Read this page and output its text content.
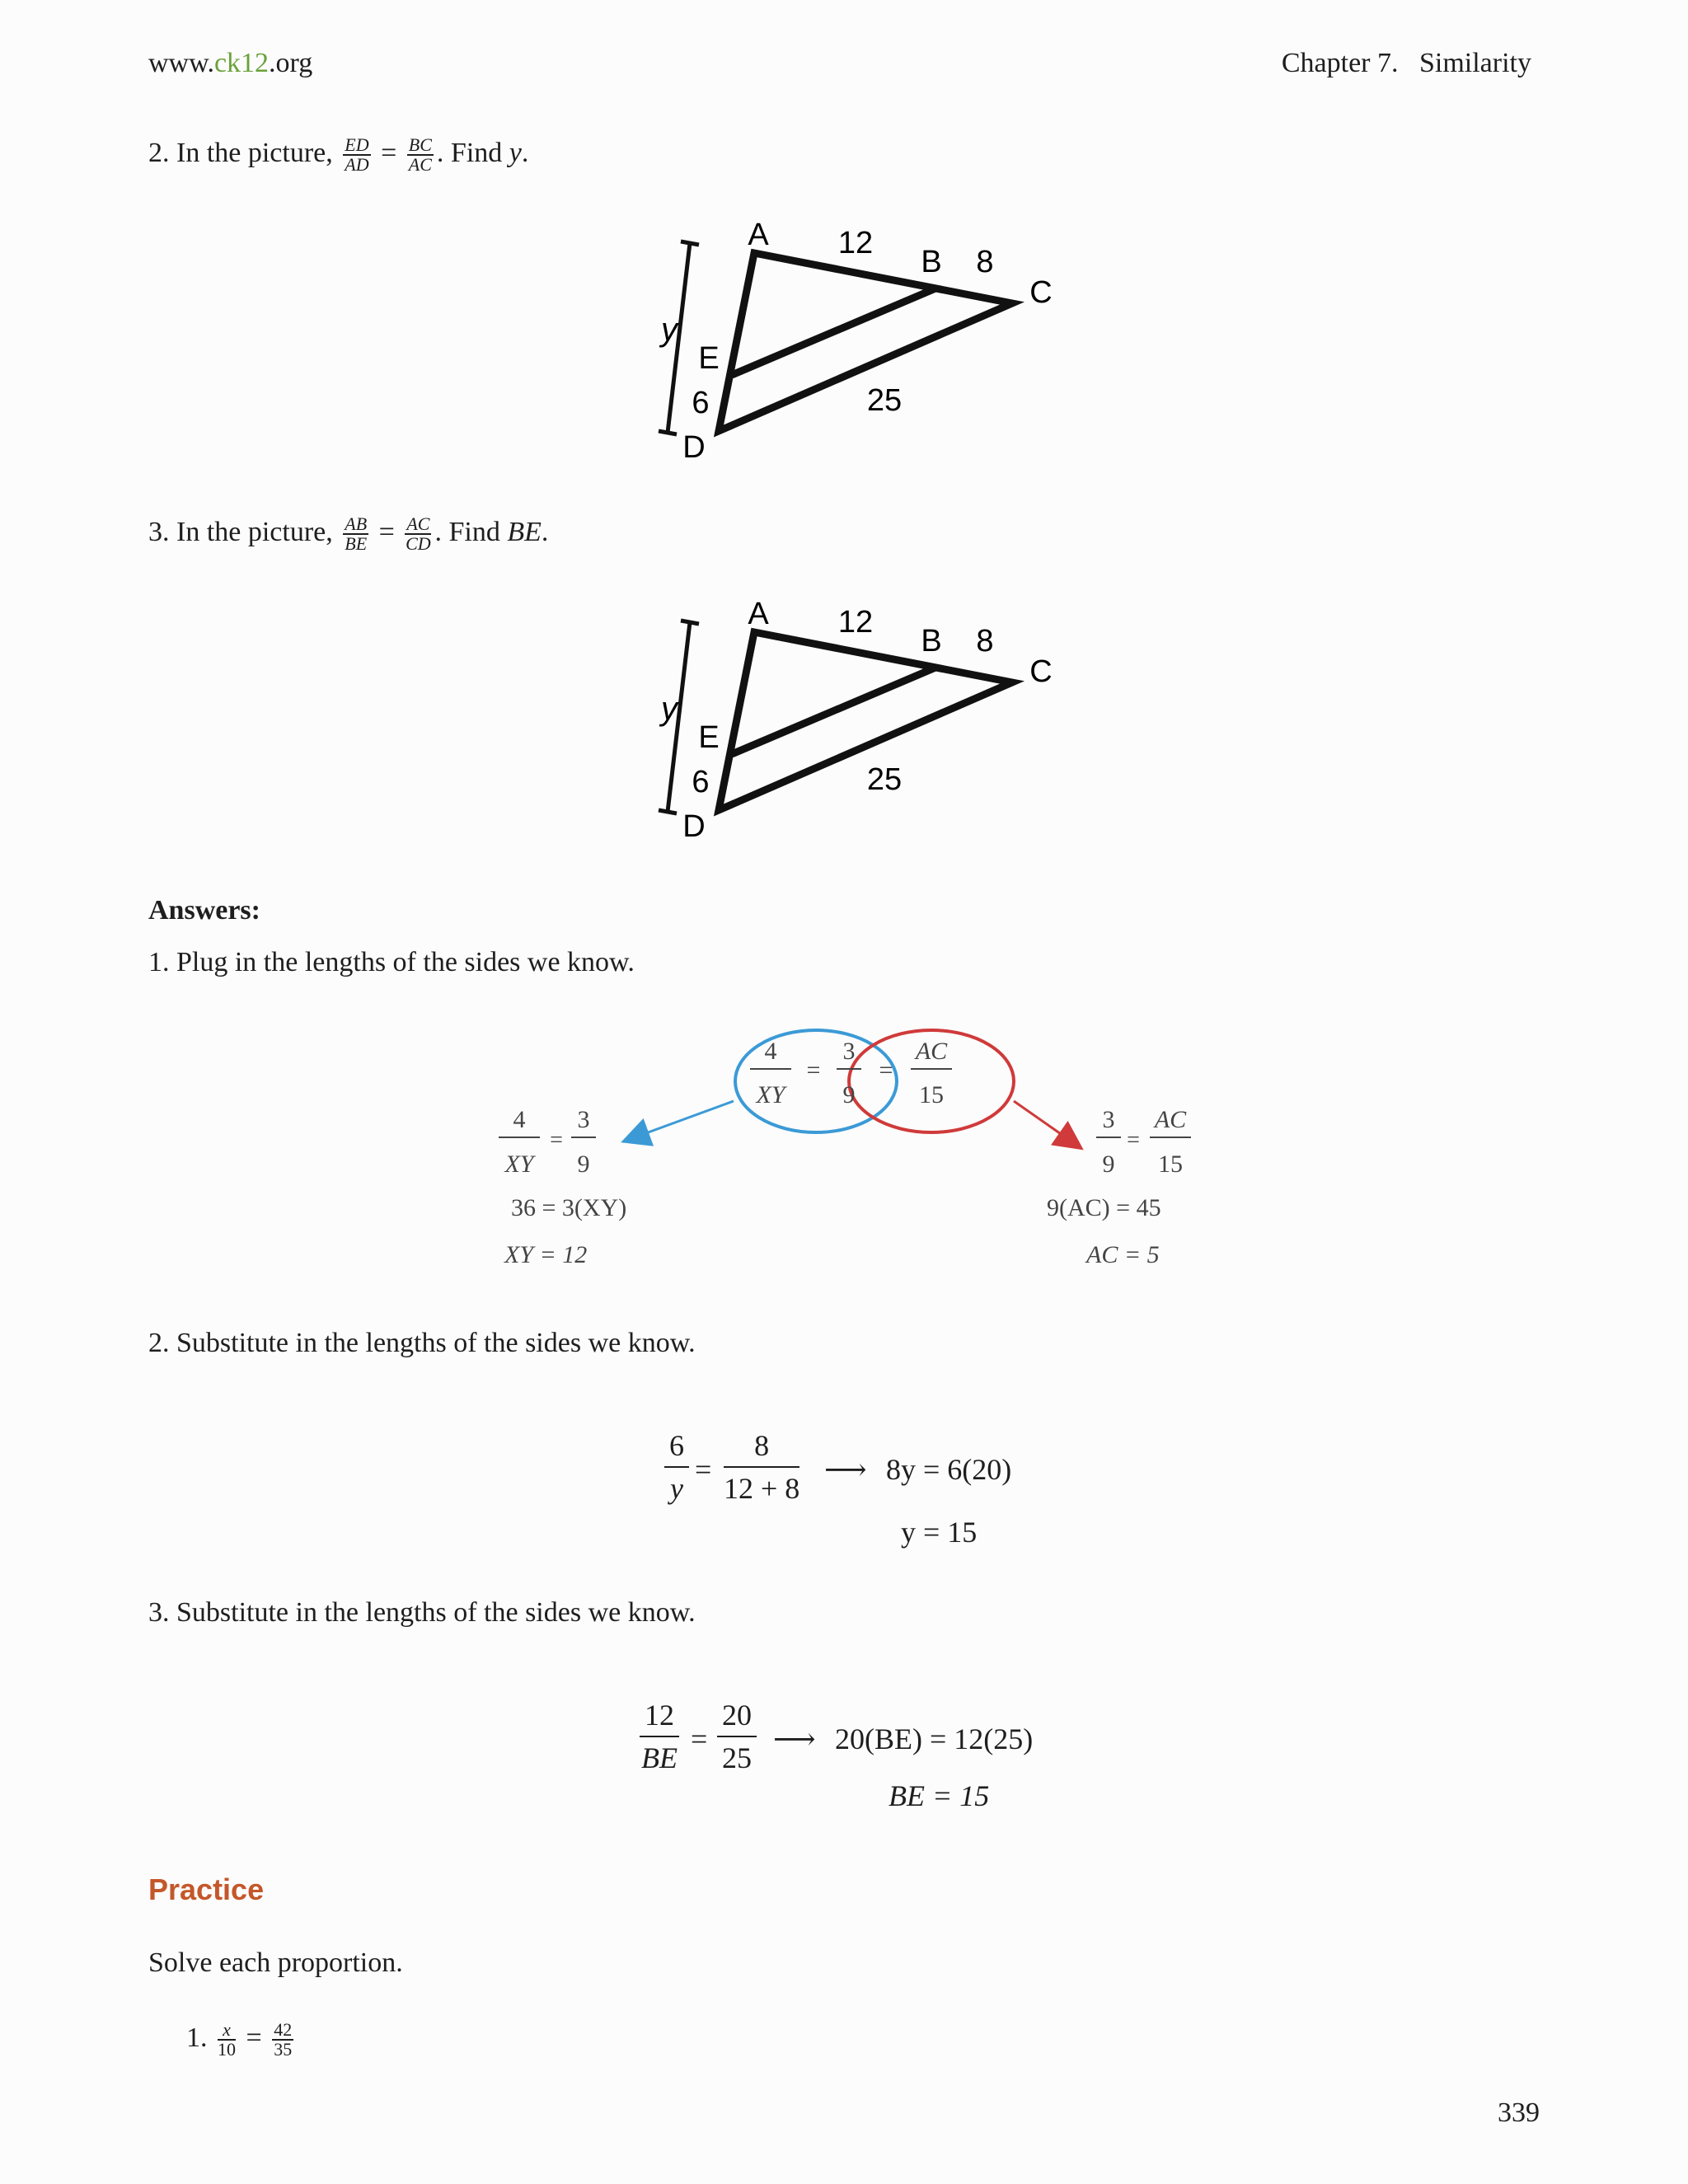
www.ck12.org	Chapter 7.   Similarity
2. In the picture, $\frac{ED}{AD} = \frac{BC}{AC}$ . Find y.
A 12
B 8
C
y
E
6	25
D
3. In the picture, $\frac{AB}{BE} = \frac{AC}{CD}$ . Find BE.
A 12
B 8
C
y
E
6	25
D
Answers:
1. Plug in the lengths of the sides we know.
4
XY
=
3
9
=
AC
15
4
XY
=
3
9
36 = 3(XY)
XY = 12
3
9
=
AC
15
9(AC) = 45
AC = 5
2. Substitute in the lengths of the sides we know.
$\frac{6}{y} = \frac{8}{12 + 8}$ ⟶ 8y = 6(20)
y = 15
3. Substitute in the lengths of the sides we know.
$\frac{12}{BE} = \frac{20}{25}$ ⟶ 20(BE) = 12(25)
BE = 15
Practice
Solve each proportion.
1. $\frac{x}{10} = \frac{42}{35}$
339
